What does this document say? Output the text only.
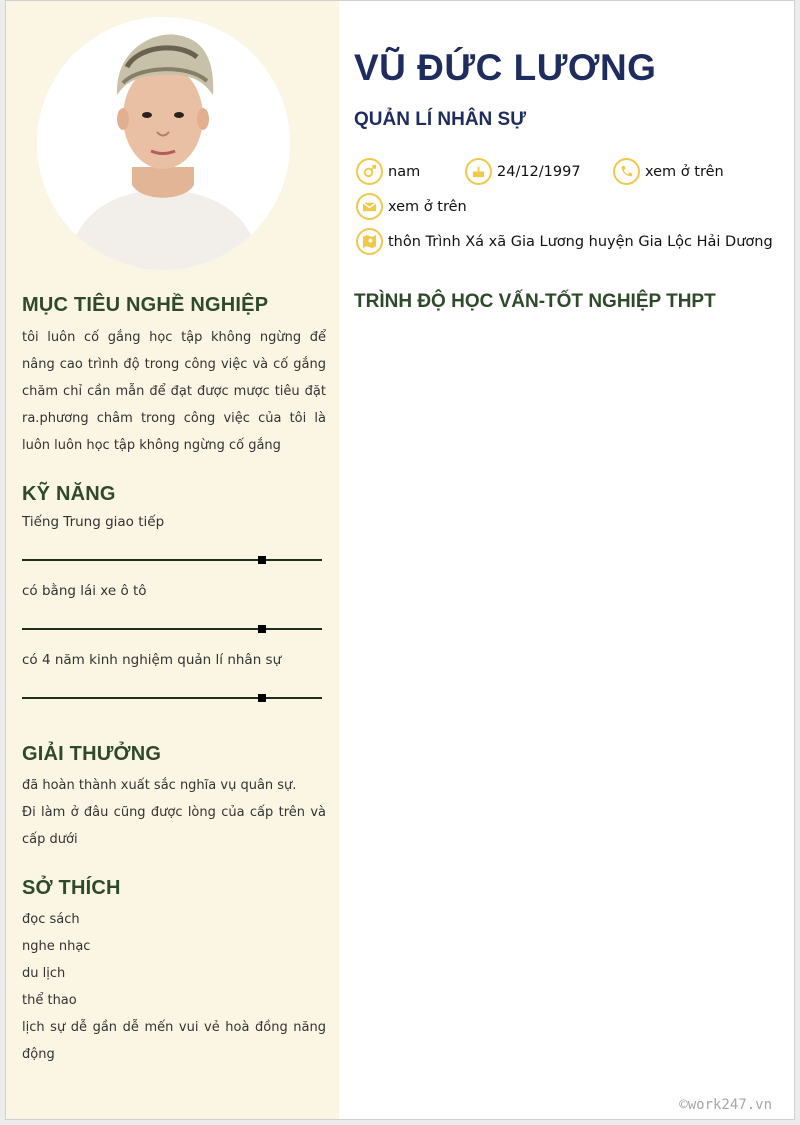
MỤC TIÊU NGHỀ NGHIỆP
tôi luôn cố gắng học tập không ngừng để nâng cao trình độ trong công việc và cố gắng chăm chỉ cần mẫn để đạt được mược tiêu đặt ra.phương châm trong công việc của tôi là luôn luôn học tập không ngừng cố gắng
KỸ NĂNG
Tiếng Trung giao tiếp
có bằng lái xe ô tô
có 4 năm kinh nghiệm quản lí nhân sự
GIẢI THƯỞNG
đã hoàn thành xuất sắc nghĩa vụ quân sự.
Đi làm ở đâu cũng được lòng của cấp trên và cấp dưới
SỞ THÍCH
đọc sách
nghe nhạc
du lịch
thể thao
lịch sự dễ gần dễ mến vui vẻ hoà đồng năng động
VŨ ĐỨC LƯƠNG
QUẢN LÍ NHÂN SỰ
nam	24/12/1997	xem ở trên
xem ở trên
thôn Trình Xá xã Gia Lương huyện Gia Lộc Hải Dương
TRÌNH ĐỘ HỌC VẤN-TỐT NGHIỆP THPT
©work247.vn
